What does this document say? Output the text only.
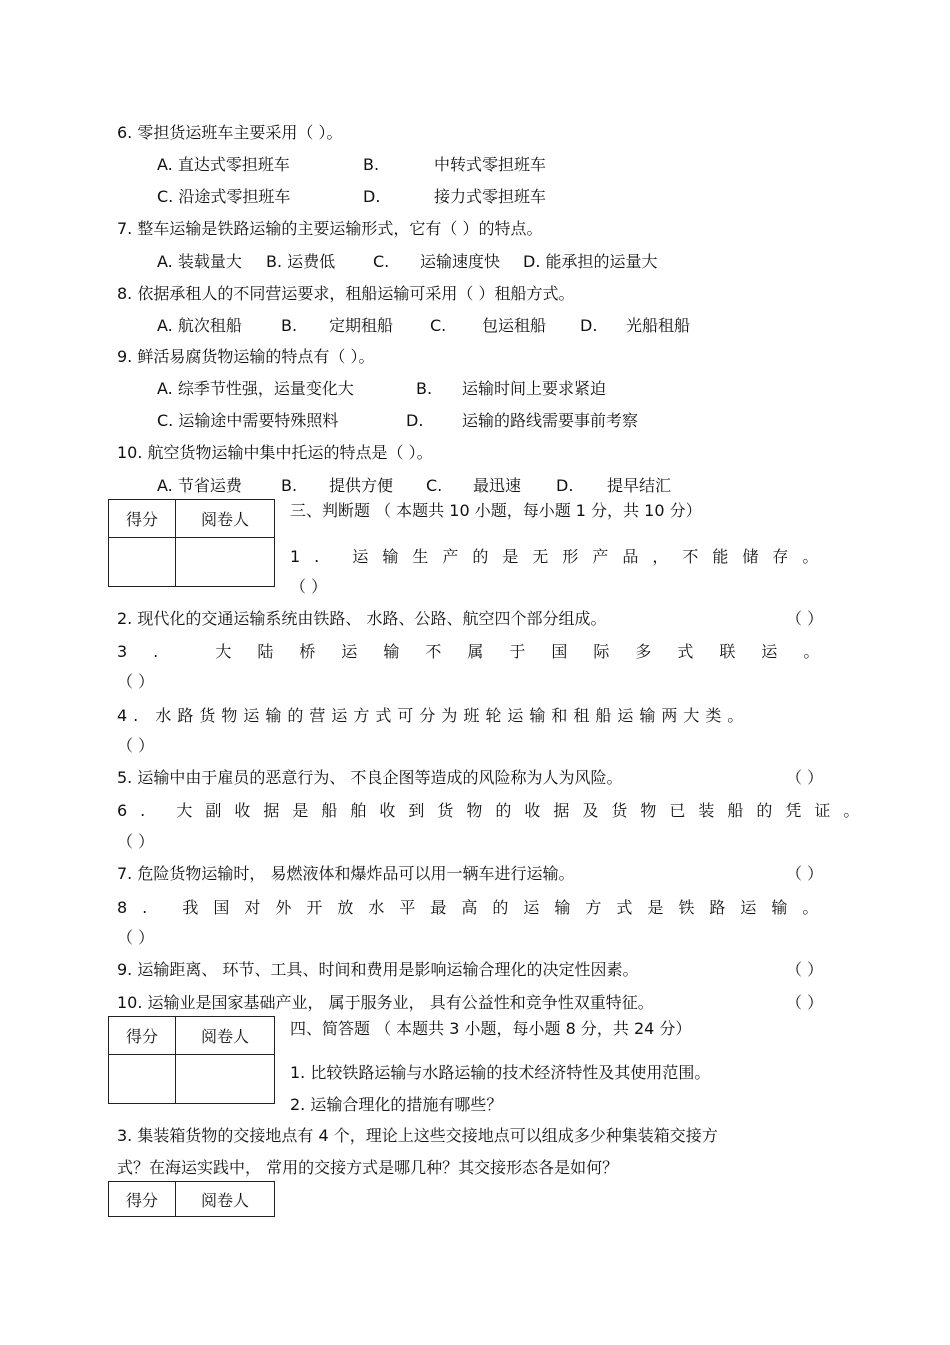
6. 零担货运班车主要采用（ ）。
A. 直达式零担班车	B.	中转式零担班车
C. 沿途式零担班车	D.	接力式零担班车
7. 整车运输是铁路运输的主要运输形式，它有（ ）的特点。
A. 装载量大 B. 运费低 C. 运输速度快 D. 能承担的运量大
8. 依据承租人的不同营运要求，租船运输可采用（ ）租船方式。
A. 航次租船 B. 定期租船 C. 包运租船 D. 光船租船
9. 鲜活易腐货物运输的特点有（ ）。
A. 综季节性强，运量变化大	B. 运输时间上要求紧迫
C. 运输途中需要特殊照料	D. 运输的路线需要事前考察
10. 航空货物运输中集中托运的特点是（ ）。
A. 节省运费 B. 提供方便 C. 最迅速 D. 提早结汇
得分	阅卷人
		三、判断题 （ 本题共 10 小题，每小题 1 分，共 10 分）
1. 运输生产的是无形产品，不能储存。
（ ）
2. 现代化的交通运输系统由铁路、 水路、公路、航空四个部分组成。	（ ）
3. 大陆桥运输不属于国际多式联运。
（ ）
4. 水路货物运输的营运方式可分为班轮运输和租船运输两大类。
（ ）
5. 运输中由于雇员的恶意行为、 不良企图等造成的风险称为人为风险。	（ ）
6. 大副收据是船舶收到货物的收据及货物已装船的凭证。
（ ）
7. 危险货物运输时， 易燃液体和爆炸品可以用一辆车进行运输。	（ ）
8. 我国对外开放水平最高的运输方式是铁路运输。
（ ）
9. 运输距离、 环节、工具、时间和费用是影响运输合理化的决定性因素。	（ ）
10. 运输业是国家基础产业， 属于服务业， 具有公益性和竞争性双重特征。	（ ）
得分	阅卷人
		四、简答题 （ 本题共 3 小题，每小题 8 分，共 24 分）
1. 比较铁路运输与水路运输的技术经济特性及其使用范围。
2. 运输合理化的措施有哪些？
3. 集装箱货物的交接地点有 4 个，理论上这些交接地点可以组成多少种集装箱交接方
式？在海运实践中， 常用的交接方式是哪几种？其交接形态各是如何？
得分	阅卷人
